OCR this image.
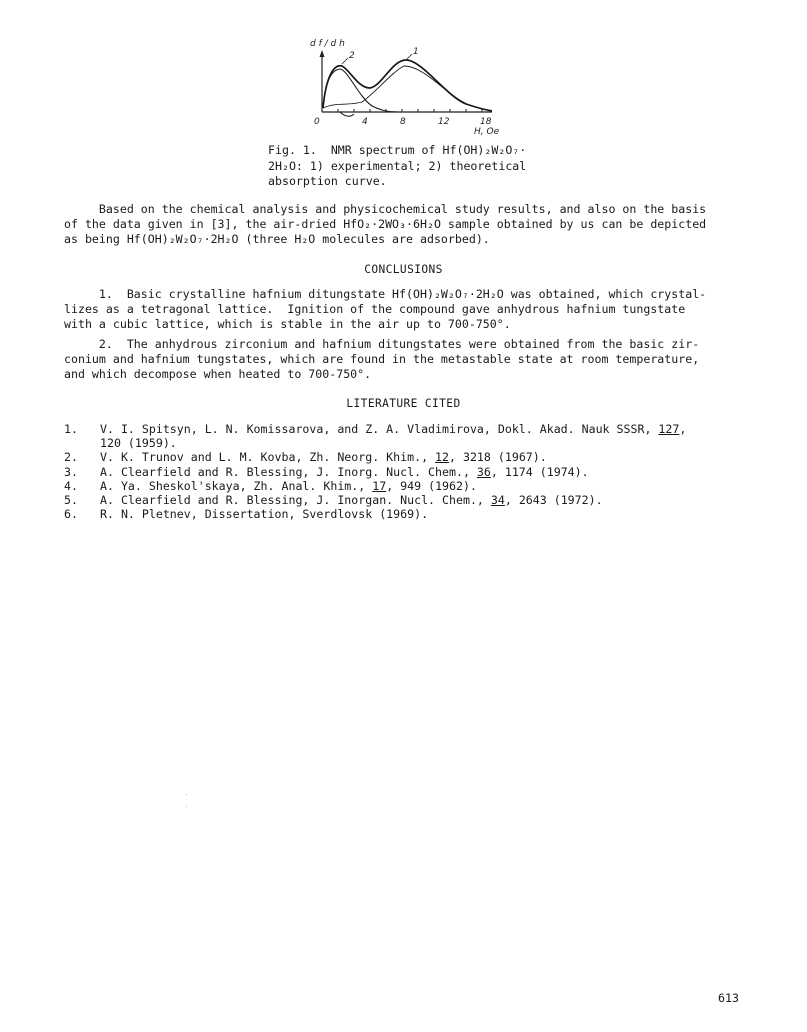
d f / d h
2	1
0	4	8	12	18
H, Oe

Fig. 1.  NMR spectrum of Hf(OH)₂W₂O₇·

2H₂O: 1) experimental; 2) theoretical

absorption curve.

Based on the chemical analysis and physicochemical study results, and also on the basis

of the data given in [3], the air-dried HfO₂·2WO₃·6H₂O sample obtained by us can be depicted

as being Hf(OH)₂W₂O₇·2H₂O (three H₂O molecules are adsorbed).

CONCLUSIONS

1.  Basic crystalline hafnium ditungstate Hf(OH)₂W₂O₇·2H₂O was obtained, which crystal-

lizes as a tetragonal lattice.  Ignition of the compound gave anhydrous hafnium tungstate

with a cubic lattice, which is stable in the air up to 700-750°.

2.  The anhydrous zirconium and hafnium ditungstates were obtained from the basic zir-

conium and hafnium tungstates, which are found in the metastable state at room temperature,

and which decompose when heated to 700-750°.

LITERATURE CITED
1. V. I. Spitsyn, L. N. Komissarova, and Z. A. Vladimirova, Dokl. Akad. Nauk SSSR, 127,

120 (1959).

2. V. K. Trunov and L. M. Kovba, Zh. Neorg. Khim., 12, 3218 (1967).

3. A. Clearfield and R. Blessing, J. Inorg. Nucl. Chem., 36, 1174 (1974).

4. A. Ya. Sheskol'skaya, Zh. Anal. Khim., 17, 949 (1962).

5. A. Clearfield and R. Blessing, J. Inorgan. Nucl. Chem., 34, 2643 (1972).

6. R. N. Pletnev, Dissertation, Sverdlovsk (1969).

613
